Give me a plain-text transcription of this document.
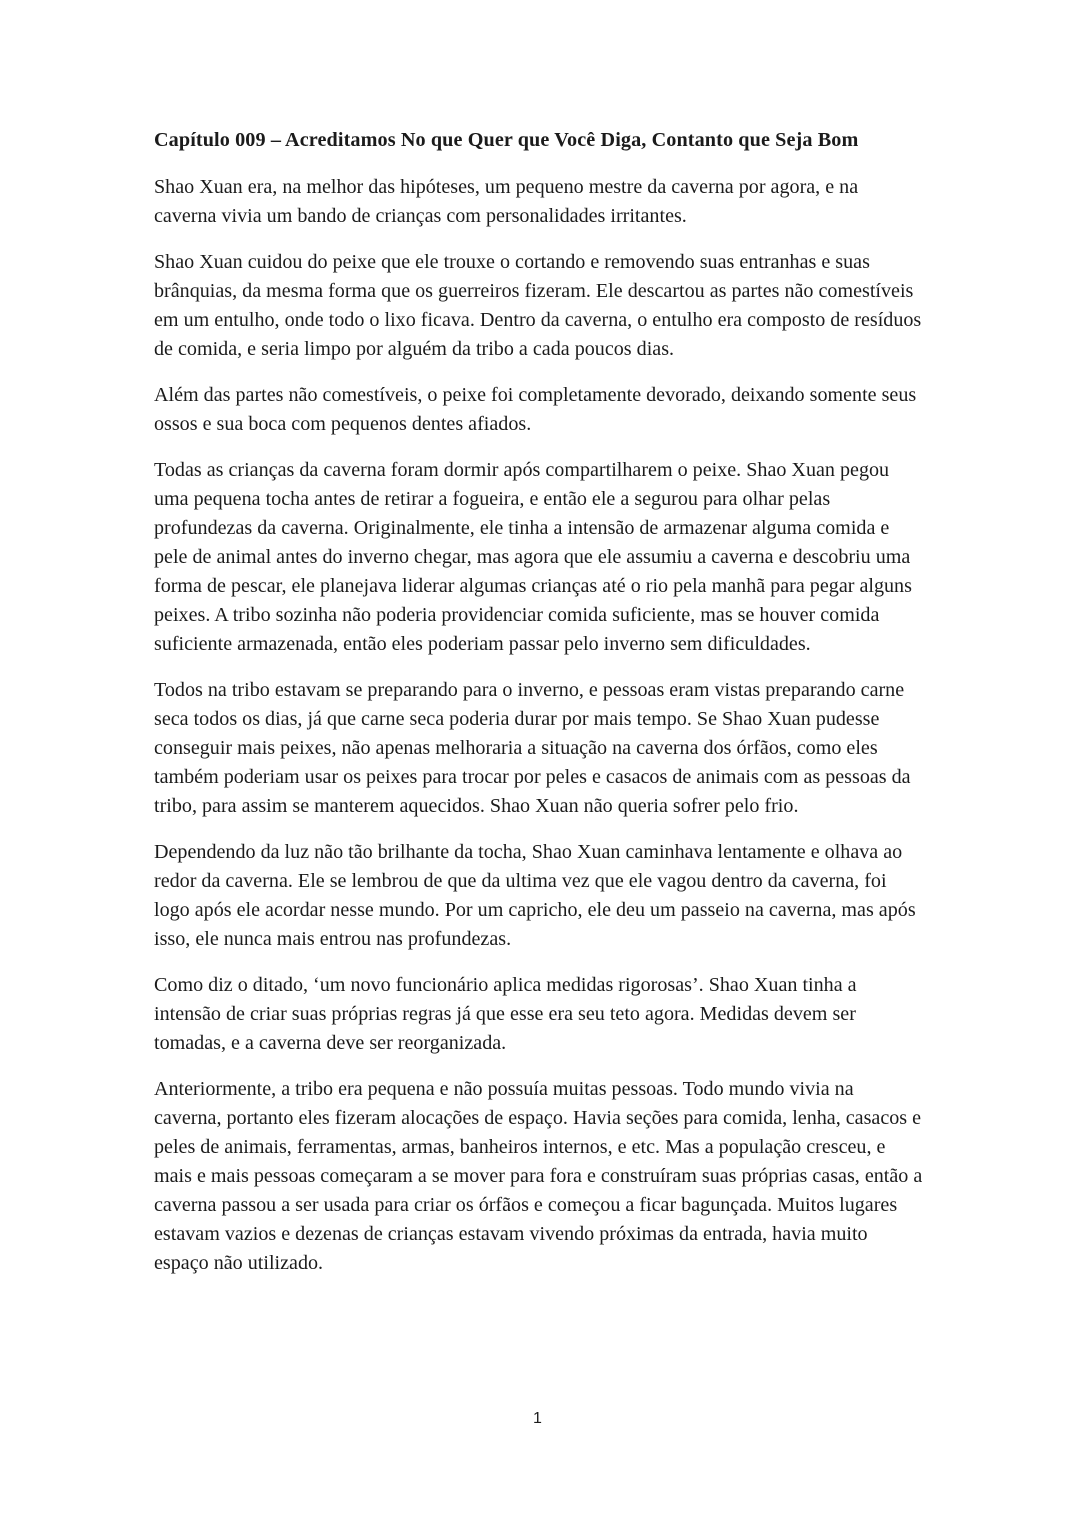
Capítulo 009 – Acreditamos No que Quer que Você Diga, Contanto que Seja Bom

Shao Xuan era, na melhor das hipóteses, um pequeno mestre da caverna por agora, e na caverna vivia um bando de crianças com personalidades irritantes.

Shao Xuan cuidou do peixe que ele trouxe o cortando e removendo suas entranhas e suas brânquias, da mesma forma que os guerreiros fizeram. Ele descartou as partes não comestíveis em um entulho, onde todo o lixo ficava. Dentro da caverna, o entulho era composto de resíduos de comida, e seria limpo por alguém da tribo a cada poucos dias.

Além das partes não comestíveis, o peixe foi completamente devorado, deixando somente seus ossos e sua boca com pequenos dentes afiados.

Todas as crianças da caverna foram dormir após compartilharem o peixe. Shao Xuan pegou uma pequena tocha antes de retirar a fogueira, e então ele a segurou para olhar pelas profundezas da caverna. Originalmente, ele tinha a intensão de armazenar alguma comida e pele de animal antes do inverno chegar, mas agora que ele assumiu a caverna e descobriu uma forma de pescar, ele planejava liderar algumas crianças até o rio pela manhã para pegar alguns peixes. A tribo sozinha não poderia providenciar comida suficiente, mas se houver comida suficiente armazenada, então eles poderiam passar pelo inverno sem dificuldades.

Todos na tribo estavam se preparando para o inverno, e pessoas eram vistas preparando carne seca todos os dias, já que carne seca poderia durar por mais tempo. Se Shao Xuan pudesse conseguir mais peixes, não apenas melhoraria a situação na caverna dos órfãos, como eles também poderiam usar os peixes para trocar por peles e casacos de animais com as pessoas da tribo, para assim se manterem aquecidos. Shao Xuan não queria sofrer pelo frio.

Dependendo da luz não tão brilhante da tocha, Shao Xuan caminhava lentamente e olhava ao redor da caverna. Ele se lembrou de que da ultima vez que ele vagou dentro da caverna, foi logo após ele acordar nesse mundo. Por um capricho, ele deu um passeio na caverna, mas após isso, ele nunca mais entrou nas profundezas.

Como diz o ditado, ‘um novo funcionário aplica medidas rigorosas’. Shao Xuan tinha a intensão de criar suas próprias regras já que esse era seu teto agora. Medidas devem ser tomadas, e a caverna deve ser reorganizada.

Anteriormente, a tribo era pequena e não possuía muitas pessoas. Todo mundo vivia na caverna, portanto eles fizeram alocações de espaço. Havia seções para comida, lenha, casacos e peles de animais, ferramentas, armas, banheiros internos, e etc. Mas a população cresceu, e mais e mais pessoas começaram a se mover para fora e construíram suas próprias casas, então a caverna passou a ser usada para criar os órfãos e começou a ficar bagunçada. Muitos lugares estavam vazios e dezenas de crianças estavam vivendo próximas da entrada, havia muito espaço não utilizado.

1
